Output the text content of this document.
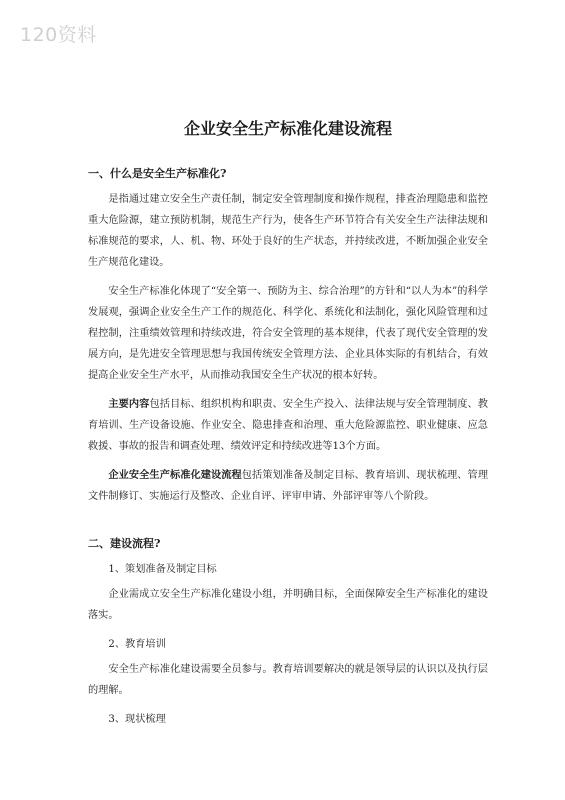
120资料
企业安全生产标准化建设流程
一、什么是安全生产标准化?

是指通过建立安全生产责任制，制定安全管理制度和操作规程，排查治理隐患和监控重大危险源，建立预防机制，规范生产行为，使各生产环节符合有关安全生产法律法规和标准规范的要求，人、机、物、环处于良好的生产状态，并持续改进，不断加强企业安全生产规范化建设。

安全生产标准化体现了“安全第一、预防为主、综合治理”的方针和“以人为本”的科学发展观，强调企业安全生产工作的规范化、科学化、系统化和法制化，强化风险管理和过程控制，注重绩效管理和持续改进，符合安全管理的基本规律，代表了现代安全管理的发展方向，是先进安全管理思想与我国传统安全管理方法、企业具体实际的有机结合，有效提高企业安全生产水平，从而推动我国安全生产状况的根本好转。

主要内容包括目标、组织机构和职责、安全生产投入、法律法规与安全管理制度、教育培训、生产设备设施、作业安全、隐患排查和治理、重大危险源监控、职业健康、应急救援、事故的报告和调查处理、绩效评定和持续改进等13个方面。

企业安全生产标准化建设流程包括策划准备及制定目标、教育培训、现状梳理、管理文件制修订、实施运行及整改、企业自评、评审申请、外部评审等八个阶段。

二、建设流程?

1、策划准备及制定目标

企业需成立安全生产标准化建设小组，并明确目标，全面保障安全生产标准化的建设落实。

2、教育培训

安全生产标准化建设需要全员参与。教育培训要解决的就是领导层的认识以及执行层的理解。

3、现状梳理
